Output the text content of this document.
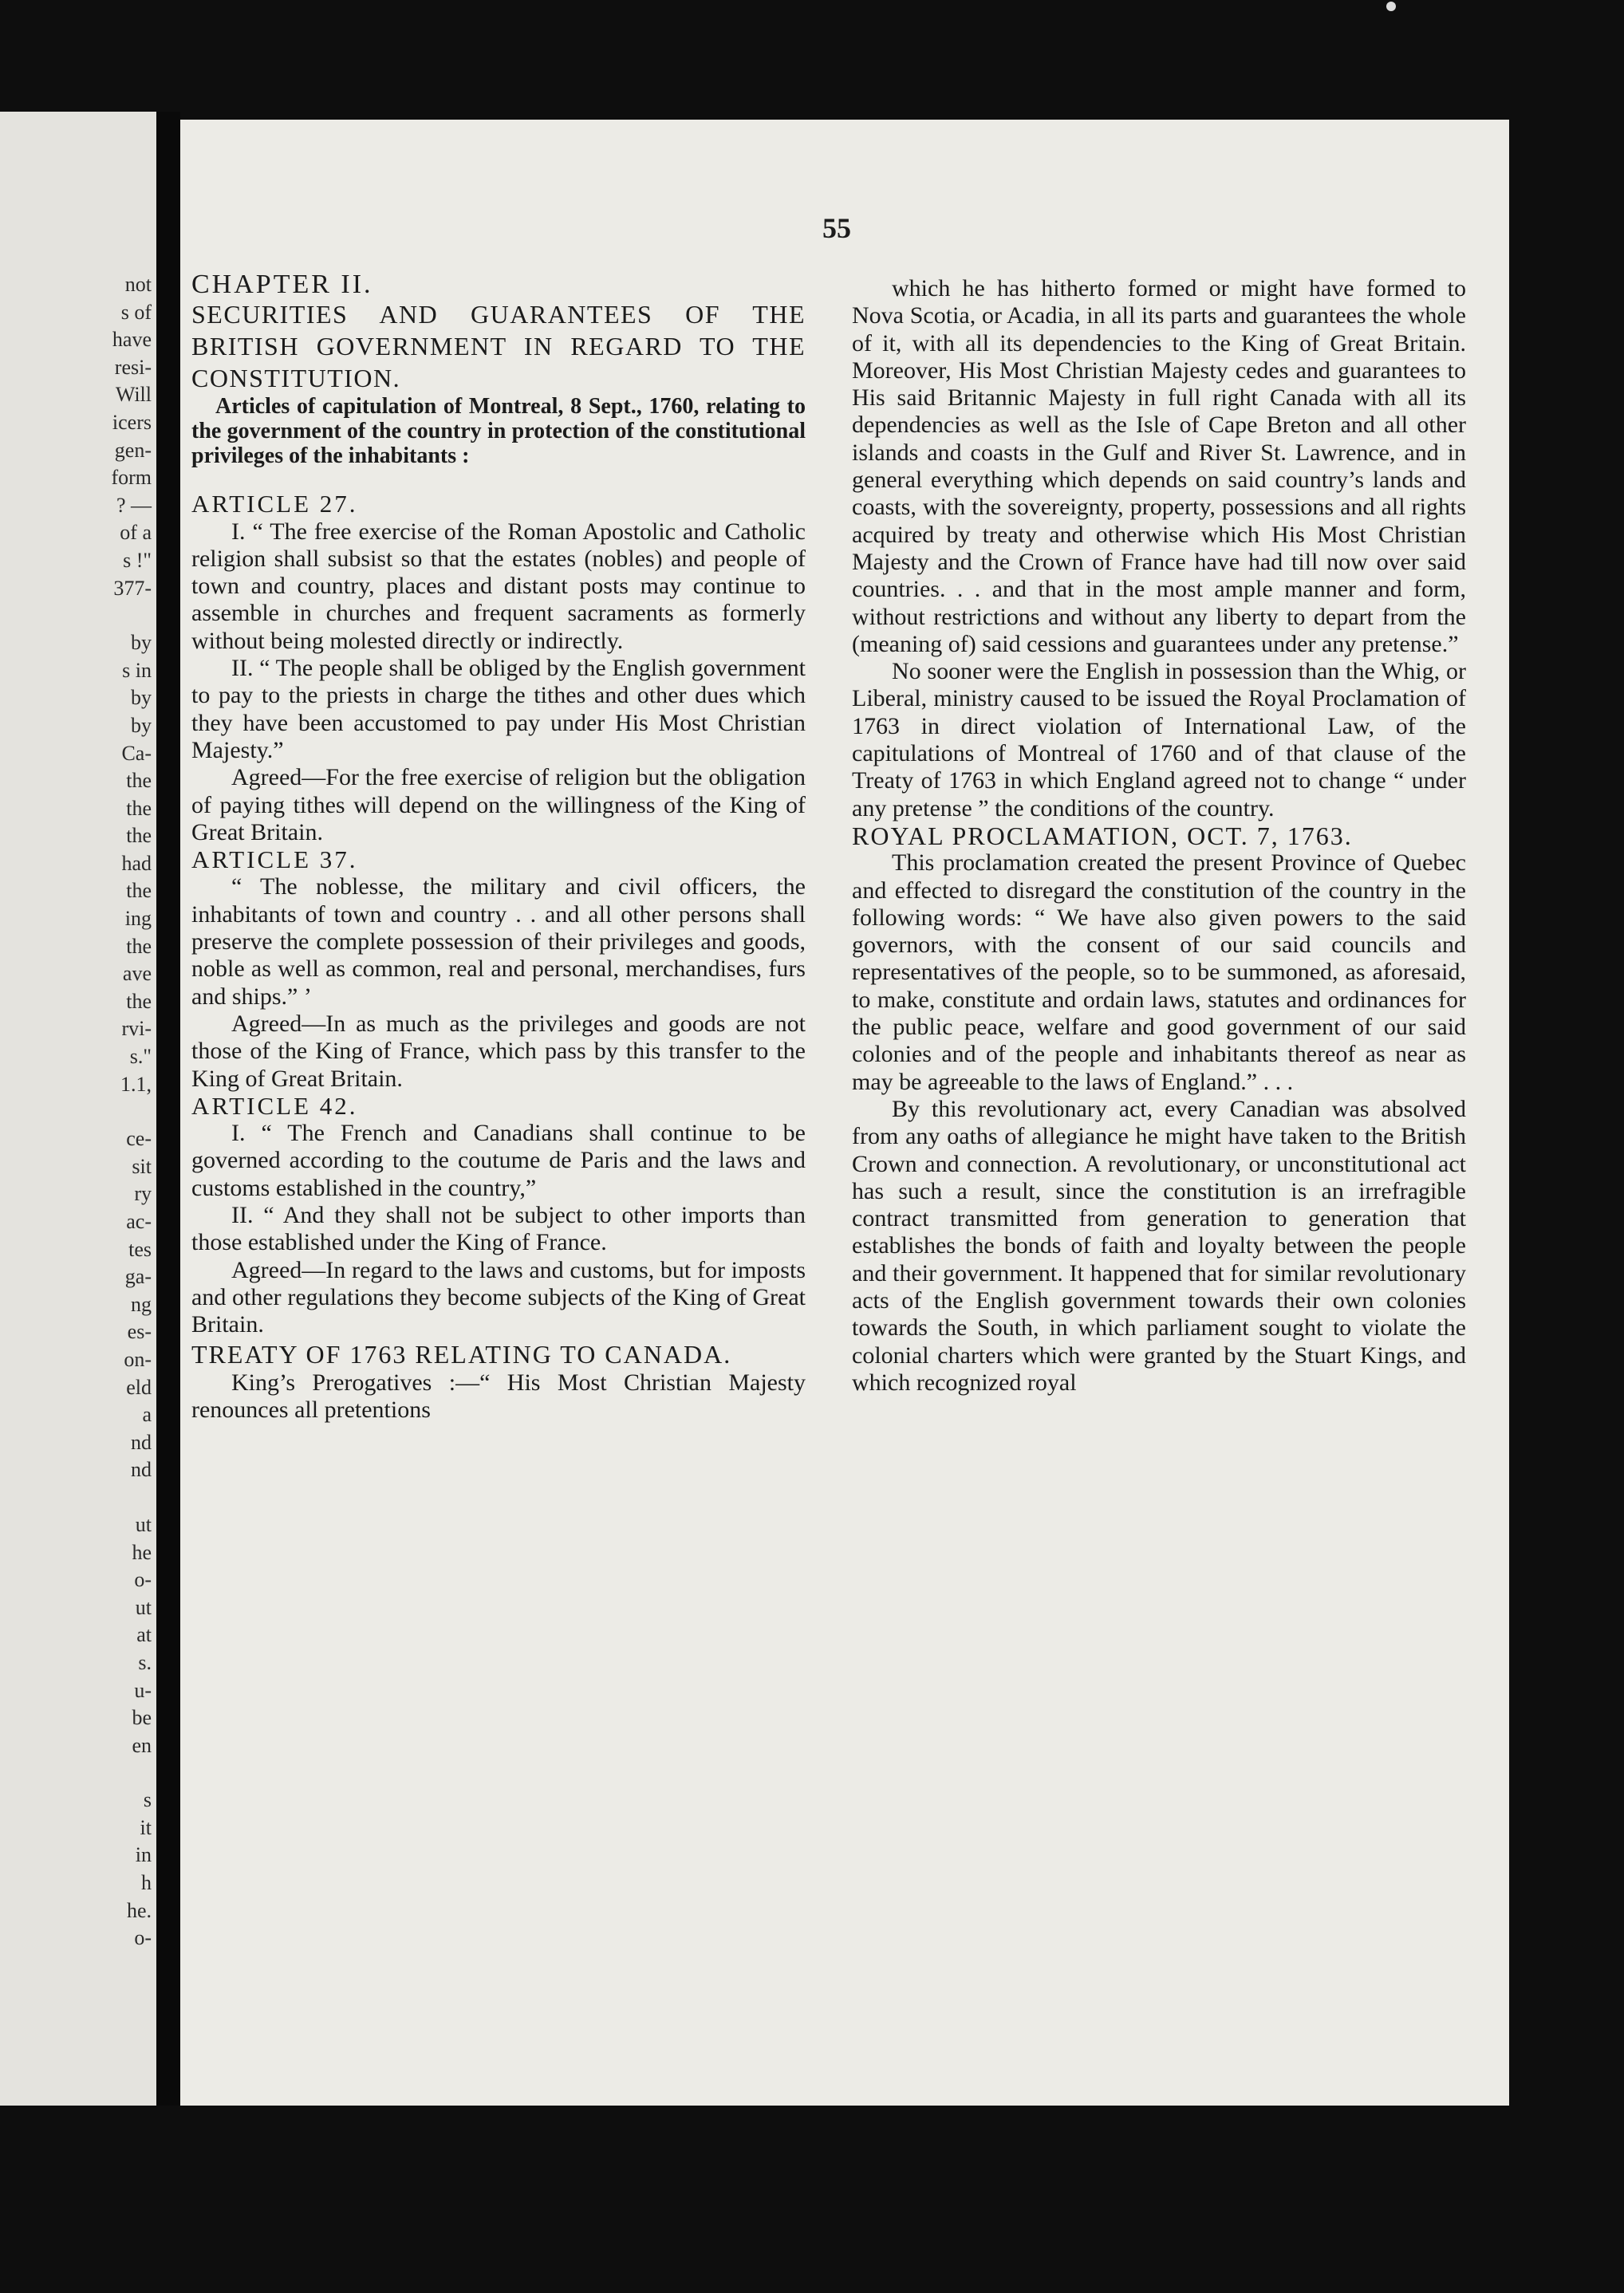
not
s of
have
resi-
Will
icers
gen-
form
? —
of a
s !"
377-
by
s in
by
by
Ca-
the
the
the
had
the
ing
the
ave
the
rvi-
s."
1.1,
ce-
sit
ry
ac-
tes
ga-
ng
es-
on-
eld
a
nd
nd
ut
he
o-
ut
at
s.
u-
be
en
s
it
in
h
he.
o-
55

CHAPTER II.

SECURITIES AND GUARANTEES OF THE BRITISH GOVERNMENT IN REGARD TO THE CONSTITUTION.

Articles of capitulation of Montreal, 8 Sept., 1760, relating to the government of the country in protection of the constitutional privileges of the inhabitants :

ARTICLE 27.

I. “ The free exercise of the Roman Apostolic and Catholic religion shall subsist so that the estates (nobles) and people of town and country, places and distant posts may continue to assemble in churches and frequent sacraments as formerly without being molested directly or indirectly.

II. “ The people shall be obliged by the English government to pay to the priests in charge the tithes and other dues which they have been accustomed to pay under His Most Christian Majesty.”

Agreed—For the free exercise of religion but the obligation of paying tithes will depend on the willingness of the King of Great Britain.

ARTICLE 37.

“ The noblesse, the military and civil officers, the inhabitants of town and country . . and all other persons shall preserve the complete possession of their privileges and goods, noble as well as common, real and personal, merchandises, furs and ships.” ’

Agreed—In as much as the privileges and goods are not those of the King of France, which pass by this transfer to the King of Great Britain.

ARTICLE 42.

I. “ The French and Canadians shall continue to be governed according to the coutume de Paris and the laws and customs established in the country,”

II. “ And they shall not be subject to other imports than those established under the King of France.

Agreed—In regard to the laws and customs, but for imposts and other regulations they become subjects of the King of Great Britain.

TREATY OF 1763 RELATING TO CANADA.

King’s Prerogatives :—“ His Most Christian Majesty renounces all pretentions

which he has hitherto formed or might have formed to Nova Scotia, or Acadia, in all its parts and guarantees the whole of it, with all its dependencies to the King of Great Britain. Moreover, His Most Christian Majesty cedes and guarantees to His said Britannic Majesty in full right Canada with all its dependencies as well as the Isle of Cape Breton and all other islands and coasts in the Gulf and River St. Lawrence, and in general everything which depends on said country’s lands and coasts, with the sovereignty, property, possessions and all rights acquired by treaty and otherwise which His Most Christian Majesty and the Crown of France have had till now over said countries. . . and that in the most ample manner and form, without restrictions and without any liberty to depart from the (meaning of) said cessions and guarantees under any pretense.”

No sooner were the English in possession than the Whig, or Liberal, ministry caused to be issued the Royal Proclamation of 1763 in direct violation of International Law, of the capitulations of Montreal of 1760 and of that clause of the Treaty of 1763 in which England agreed not to change “ under any pretense ” the conditions of the country.

ROYAL PROCLAMATION, OCT. 7, 1763.

This proclamation created the present Province of Quebec and effected to disregard the constitution of the country in the following words: “ We have also given powers to the said governors, with the consent of our said councils and representatives of the people, so to be summoned, as aforesaid, to make, constitute and ordain laws, statutes and ordinances for the public peace, welfare and good government of our said colonies and of the people and inhabitants thereof as near as may be agreeable to the laws of England.” . . .

By this revolutionary act, every Canadian was absolved from any oaths of allegiance he might have taken to the British Crown and connection. A revolutionary, or unconstitutional act has such a result, since the constitution is an irrefragible contract transmitted from generation to generation that establishes the bonds of faith and loyalty between the people and their government. It happened that for similar revolutionary acts of the English government towards their own colonies towards the South, in which parliament sought to violate the colonial charters which were granted by the Stuart Kings, and which recognized royal
